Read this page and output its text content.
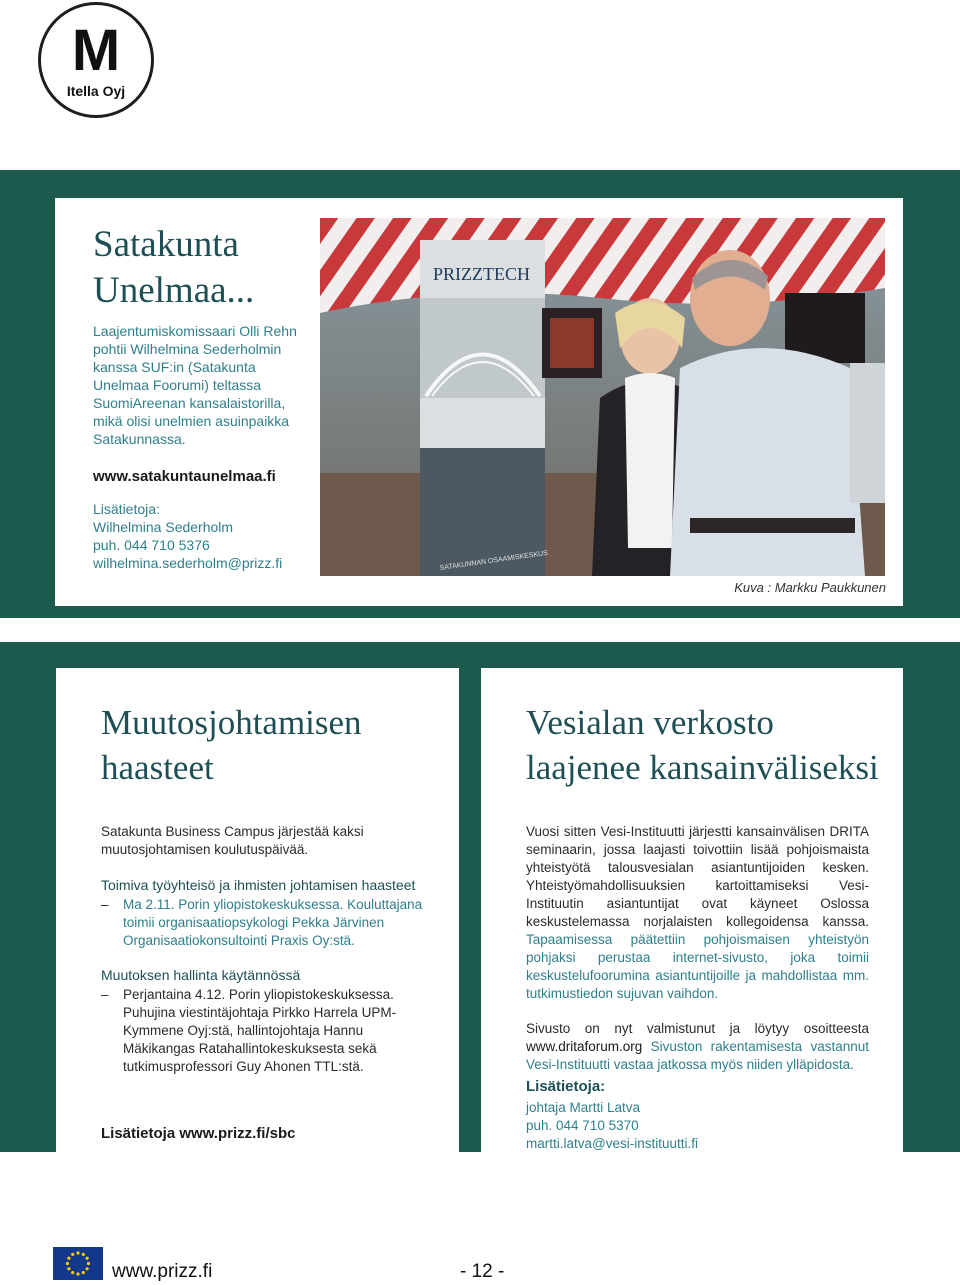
M
Itella Oyj
Satakunta
Unelmaa...
Laajentumiskomissaari Olli Rehn pohtii Wilhelmina Sederholmin kanssa SUF:in (Satakunta Unelmaa Foorumi) teltassa SuomiAreenan kansalaistorilla, mikä olisi unelmien asuinpaikka Satakunnassa.
www.satakuntaunelmaa.fi
Lisätietoja:
Wilhelmina Sederholm
puh. 044 710 5376
wilhelmina.sederholm@prizz.fi
PRIZZTECH
SATAKUNNAN OSAAMISKESKUS
Kuva : Markku Paukkunen
Muutosjohtamisen
haasteet
Satakunta Business Campus järjestää kaksi muutosjohtamisen koulutuspäivää.
Toimiva työyhteisö ja ihmisten johtamisen haasteet
– Ma 2.11. Porin yliopistokeskuksessa. Kouluttajana toimii organisaatiopsykologi Pekka Järvinen Organisaatiokonsultointi Praxis Oy:stä.
Muutoksen hallinta käytännössä
– Perjantaina 4.12. Porin yliopistokeskuksessa. Puhujina viestintäjohtaja Pirkko Harrela UPM-Kymmene Oyj:stä, hallintojohtaja Hannu Mäkikangas Ratahallintokeskuksesta sekä tutkimusprofessori Guy Ahonen TTL:stä.
Lisätietoja www.prizz.fi/sbc
Vesialan verkosto
laajenee kansainväliseksi
Vuosi sitten Vesi-Instituutti järjestti kansainvälisen DRITA seminaarin, jossa laajasti toivottiin lisää pohjoismaista yhteistyötä talousvesialan asiantuntijoiden kesken. Yhteistyömahdollisuuksien kartoittamiseksi Vesi-Instituutin asiantuntijat ovat käyneet Oslossa keskustelemassa norjalaisten kollegoidensa kanssa. Tapaamisessa päätettiin pohjoismaisen yhteistyön pohjaksi perustaa internet-sivusto, joka toimii keskustelufoorumina asiantuntijoille ja mahdollistaa mm. tutkimustiedon sujuvan vaihdon.
Sivusto on nyt valmistunut ja löytyy osoitteesta www.dritaforum.org Sivuston rakentamisesta vastannut Vesi-Instituutti vastaa jatkossa myös niiden ylläpidosta.
Lisätietoja:
johtaja Martti Latva
puh. 044 710 5370
martti.latva@vesi-instituutti.fi
www.prizz.fi	- 12 -
